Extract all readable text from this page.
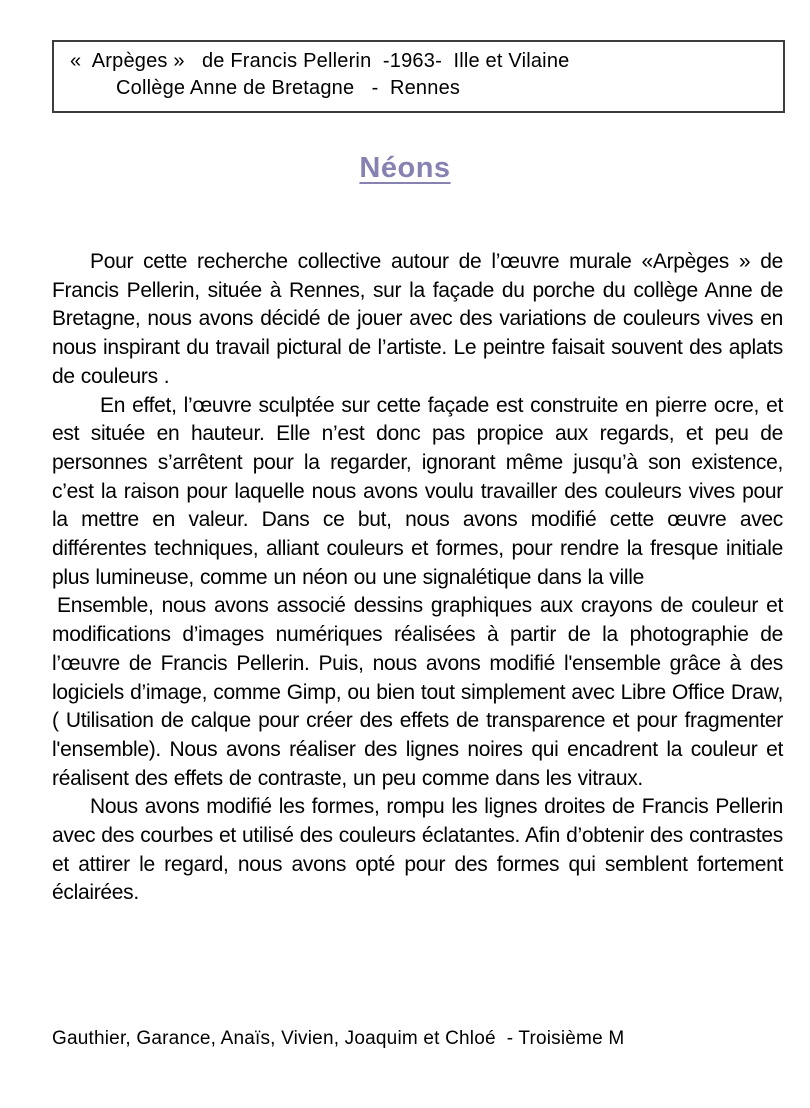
«  Arpèges »   de Francis Pellerin  -1963-  Ille et Vilaine
Collège Anne de Bretagne   -  Rennes
Néons

Pour cette recherche collective autour de l’œuvre murale «Arpèges » de Francis Pellerin, située à Rennes, sur la façade du porche du collège Anne de Bretagne, nous avons décidé de jouer avec des variations de couleurs vives en nous inspirant du travail pictural de l’artiste. Le peintre faisait souvent des aplats de couleurs .

En effet, l’œuvre sculptée sur cette façade est construite en pierre ocre, et est située en hauteur. Elle n’est donc pas propice aux regards, et peu de personnes s’arrêtent pour la regarder, ignorant même jusqu’à son existence, c’est la raison pour laquelle nous avons voulu travailler des couleurs vives pour la mettre en valeur. Dans ce but, nous avons modifié cette œuvre avec différentes techniques, alliant couleurs et formes, pour rendre la fresque initiale plus lumineuse, comme un néon ou une signalétique dans la ville

Ensemble, nous avons associé dessins graphiques aux crayons de couleur et modifications d’images numériques réalisées à partir de la photographie de l’œuvre de Francis Pellerin. Puis, nous avons modifié l'ensemble grâce à des logiciels d’image, comme Gimp, ou bien tout simplement avec Libre Office Draw, ( Utilisation de calque pour créer des effets de transparence et pour fragmenter l'ensemble). Nous avons réaliser des lignes noires qui encadrent la couleur et réalisent des effets de contraste, un peu comme dans les vitraux.

Nous avons modifié les formes, rompu les lignes droites de Francis Pellerin avec des courbes et utilisé des couleurs éclatantes. Afin d’obtenir des contrastes et attirer le regard, nous avons opté pour des formes qui semblent fortement éclairées.

Gauthier, Garance, Anaïs, Vivien, Joaquim et Chloé  - Troisième M
